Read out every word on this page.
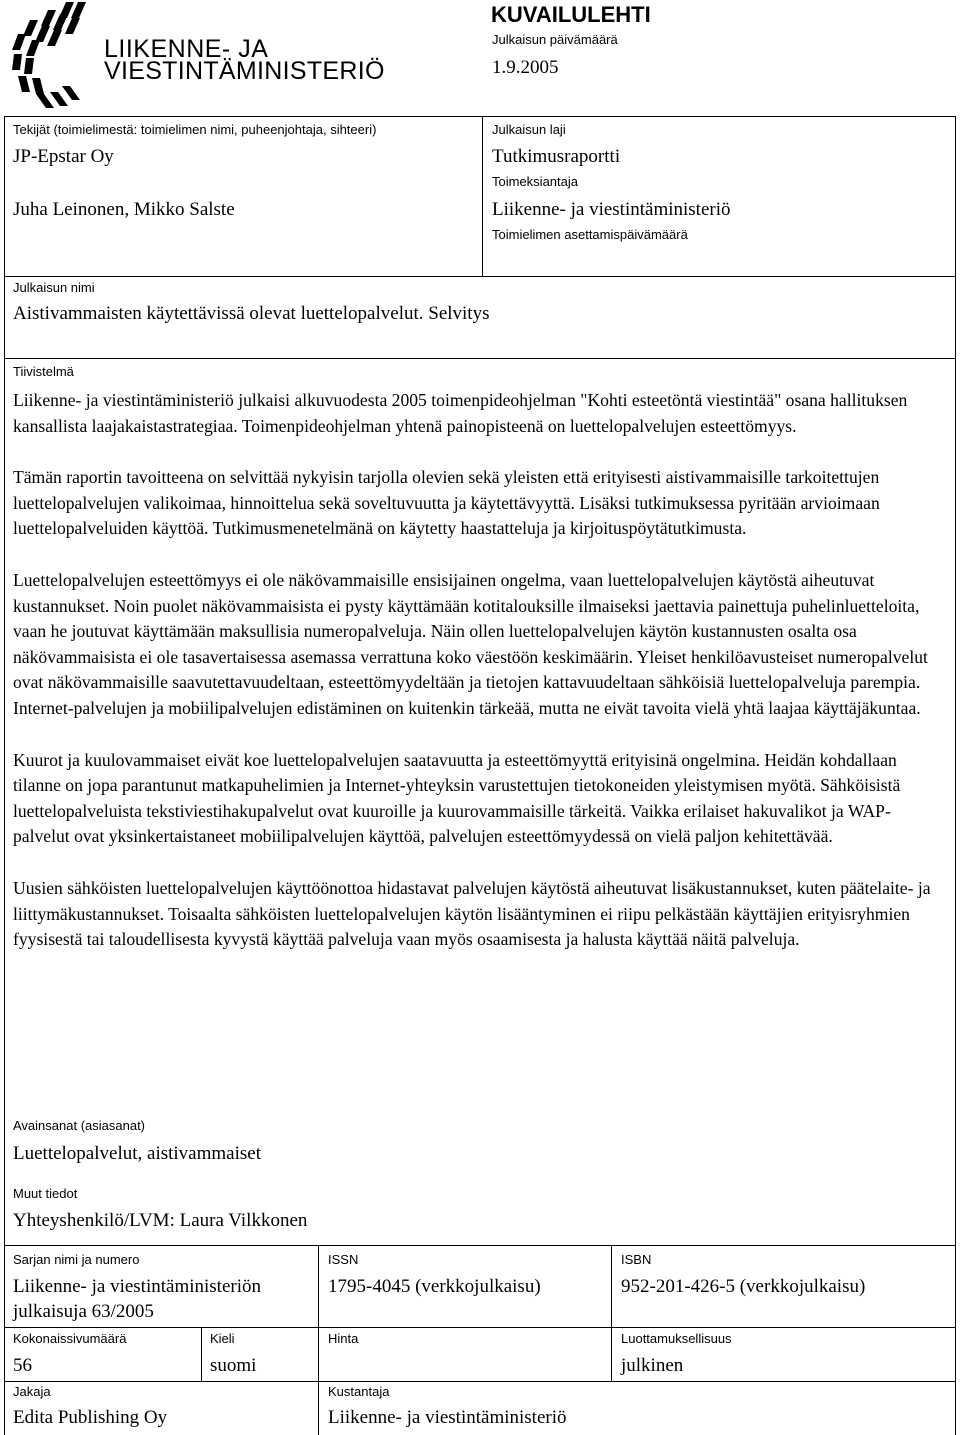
LIIKENNE- JA
VIESTINTÄMINISTERIÖ
KUVAILULEHTI
Julkaisun päivämäärä
1.9.2005
Tekijät (toimielimestä: toimielimen nimi, puheenjohtaja, sihteeri)
JP-Epstar Oy
Juha Leinonen, Mikko Salste
Julkaisun laji
Tutkimusraportti
Toimeksiantaja
Liikenne- ja viestintäministeriö
Toimielimen asettamispäivämäärä
Julkaisun nimi
Aistivammaisten käytettävissä olevat luettelopalvelut. Selvitys
Tiivistelmä

Liikenne- ja viestintäministeriö julkaisi alkuvuodesta 2005 toimenpideohjelman "Kohti esteetöntä viestintää" osana hallituksen kansallista laajakaistastrategiaa. Toimenpideohjelman yhtenä painopisteenä on luettelopalvelujen esteettömyys.

Tämän raportin tavoitteena on selvittää nykyisin tarjolla olevien sekä yleisten että erityisesti aistivammaisille tarkoitettujen luettelopalvelujen valikoimaa, hinnoittelua sekä soveltuvuutta ja käytettävyyttä. Lisäksi tutkimuksessa pyritään arvioimaan luettelopalveluiden käyttöä. Tutkimusmenetelmänä on käytetty haastatteluja ja kirjoituspöytätutkimusta.

Luettelopalvelujen esteettömyys ei ole näkövammaisille ensisijainen ongelma, vaan luettelopalvelujen käytöstä aiheutuvat kustannukset. Noin puolet näkövammaisista ei pysty käyttämään kotitalouksille ilmaiseksi jaettavia painettuja puhelinluetteloita, vaan he joutuvat käyttämään maksullisia numeropalveluja. Näin ollen luettelopalvelujen käytön kustannusten osalta osa näkövammaisista ei ole tasavertaisessa asemassa verrattuna koko väestöön keskimäärin. Yleiset henkilöavusteiset numeropalvelut ovat näkövammaisille saavutettavuudeltaan, esteettömyydeltään ja tietojen kattavuudeltaan sähköisiä luettelopalveluja parempia. Internet-palvelujen ja mobiilipalvelujen edistäminen on kuitenkin tärkeää, mutta ne eivät tavoita vielä yhtä laajaa käyttäjäkuntaa.

Kuurot ja kuulovammaiset eivät koe luettelopalvelujen saatavuutta ja esteettömyyttä erityisinä ongelmina. Heidän kohdallaan tilanne on jopa parantunut matkapuhelimien ja Internet-yhteyksin varustettujen tietokoneiden yleistymisen myötä. Sähköisistä luettelopalveluista tekstiviestihakupalvelut ovat kuuroille ja kuurovammaisille tärkeitä. Vaikka erilaiset hakuvalikot ja WAP-palvelut ovat yksinkertaistaneet mobiilipalvelujen käyttöä, palvelujen esteettömyydessä on vielä paljon kehitettävää.

Uusien sähköisten luettelopalvelujen käyttöönottoa hidastavat palvelujen käytöstä aiheutuvat lisäkustannukset, kuten päätelaite- ja liittymäkustannukset. Toisaalta sähköisten luettelopalvelujen käytön lisääntyminen ei riipu pelkästään käyttäjien erityisryhmien fyysisestä tai taloudellisesta kyvystä käyttää palveluja vaan myös osaamisesta ja halusta käyttää näitä palveluja.

Avainsanat (asiasanat)
Luettelopalvelut, aistivammaiset
Muut tiedot
Yhteyshenkilö/LVM: Laura Vilkkonen
Sarjan nimi ja numero
Liikenne- ja viestintäministeriön
julkaisuja 63/2005
ISSN
1795-4045 (verkkojulkaisu)
ISBN
952-201-426-5 (verkkojulkaisu)
Kokonaissivumäärä
56
Kieli
suomi
Hinta	Luottamuksellisuus
julkinen
Jakaja
Edita Publishing Oy
Kustantaja
Liikenne- ja viestintäministeriö
